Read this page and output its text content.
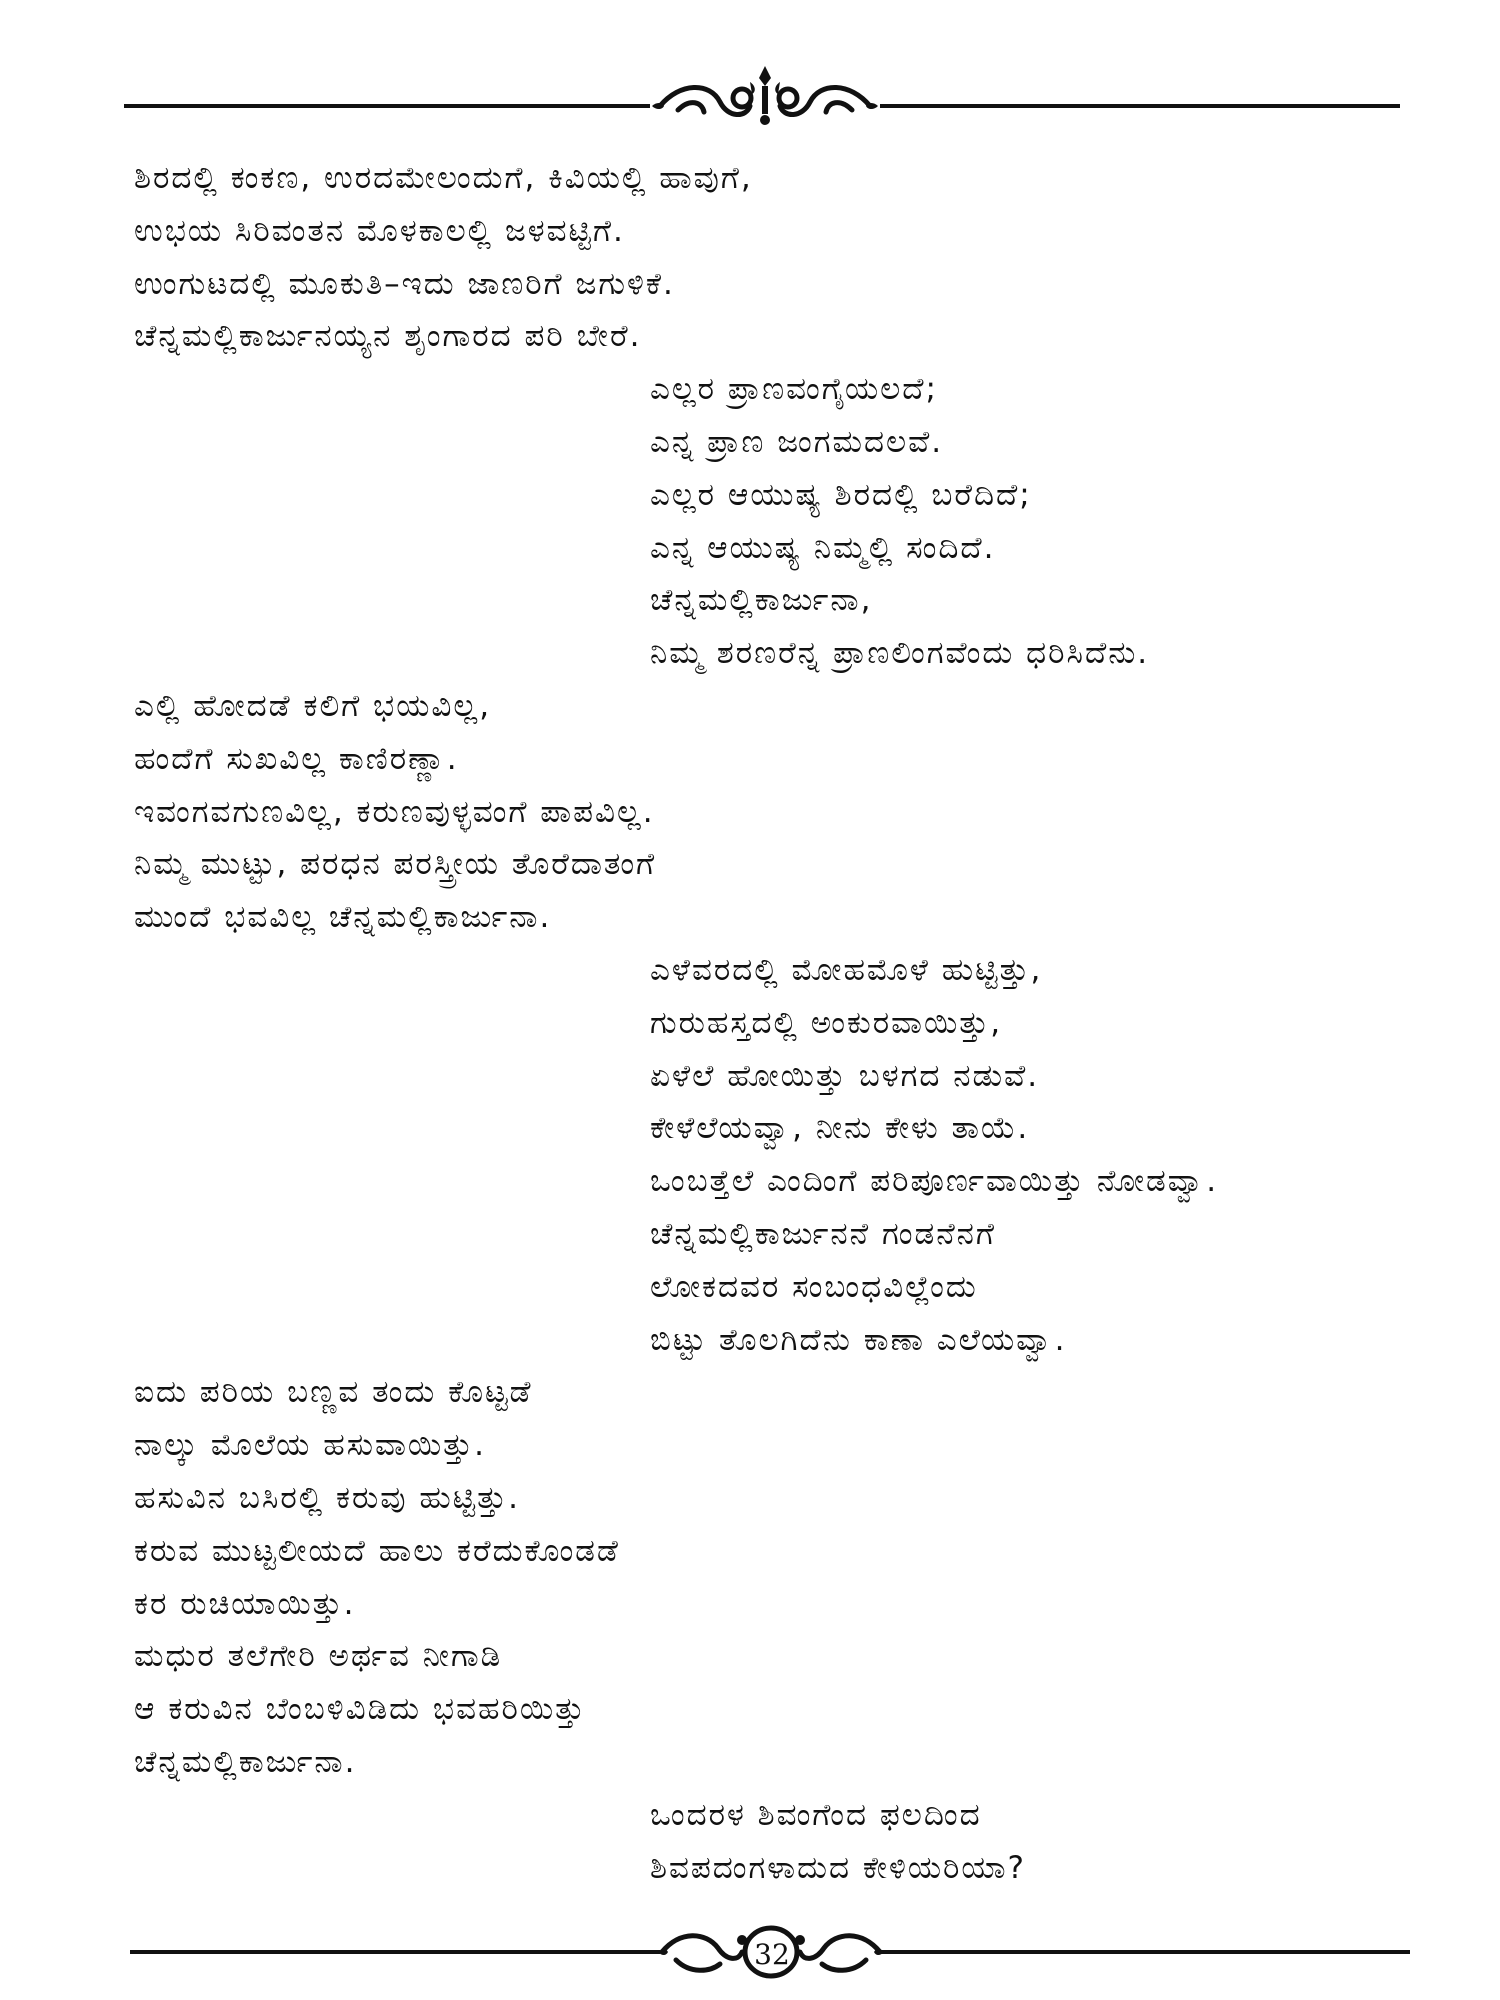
ಶಿರದಲ್ಲಿ ಕಂಕಣ, ಉರದಮೇಲಂದುಗೆ, ಕಿವಿಯಲ್ಲಿ ಹಾವುಗೆ,
ಉಭಯ ಸಿರಿವಂತನ ಮೊಳಕಾಲಲ್ಲಿ ಜಳವಟ್ಟಿಗೆ.
ಉಂಗುಟದಲ್ಲಿ ಮೂಕುತಿ–ಇದು ಜಾಣರಿಗೆ ಜಗುಳಿಕೆ.
ಚೆನ್ನಮಲ್ಲಿಕಾರ್ಜುನಯ್ಯನ ಶೃಂಗಾರದ ಪರಿ ಬೇರೆ.
ಎಲ್ಲರ ಪ್ರಾಣವಂಗೈಯಲದೆ;
ಎನ್ನ ಪ್ರಾಣ ಜಂಗಮದಲವೆ.
ಎಲ್ಲರ ಆಯುಷ್ಯ ಶಿರದಲ್ಲಿ ಬರೆದಿದೆ;
ಎನ್ನ ಆಯುಷ್ಯ ನಿಮ್ಮಲ್ಲಿ ಸಂದಿದೆ.
ಚೆನ್ನಮಲ್ಲಿಕಾರ್ಜುನಾ,
ನಿಮ್ಮ ಶರಣರೆನ್ನ ಪ್ರಾಣಲಿಂಗವೆಂದು ಧರಿಸಿದೆನು.
ಎಲ್ಲಿ ಹೋದಡೆ ಕಲಿಗೆ ಭಯವಿಲ್ಲ,
ಹಂದೆಗೆ ಸುಖವಿಲ್ಲ ಕಾಣಿರಣ್ಣಾ.
ಇವಂಗವಗುಣವಿಲ್ಲ, ಕರುಣವುಳ್ಳವಂಗೆ ಪಾಪವಿಲ್ಲ.
ನಿಮ್ಮ ಮುಟ್ಟು, ಪರಧನ ಪರಸ್ತ್ರೀಯ ತೊರೆದಾತಂಗೆ
ಮುಂದೆ ಭವವಿಲ್ಲ ಚೆನ್ನಮಲ್ಲಿಕಾರ್ಜುನಾ.
ಎಳೆವರದಲ್ಲಿ ಮೋಹಮೊಳೆ ಹುಟ್ಟಿತ್ತು,
ಗುರುಹಸ್ತದಲ್ಲಿ ಅಂಕುರವಾಯಿತ್ತು,
ಏಳೆಲೆ ಹೋಯಿತ್ತು ಬಳಗದ ನಡುವೆ.
ಕೇಳೆಲೆಯವ್ವಾ, ನೀನು ಕೇಳು ತಾಯೆ.
ಒಂಬತ್ತೆಲೆ ಎಂದಿಂಗೆ ಪರಿಪೂರ್ಣವಾಯಿತ್ತು ನೋಡವ್ವಾ.
ಚೆನ್ನಮಲ್ಲಿಕಾರ್ಜುನನೆ ಗಂಡನೆನಗೆ
ಲೋಕದವರ ಸಂಬಂಧವಿಲ್ಲೆಂದು
ಬಿಟ್ಟು ತೊಲಗಿದೆನು ಕಾಣಾ ಎಲೆಯವ್ವಾ.
ಐದು ಪರಿಯ ಬಣ್ಣವ ತಂದು ಕೊಟ್ಟಡೆ
ನಾಲ್ಕು ಮೊಲೆಯ ಹಸುವಾಯಿತ್ತು.
ಹಸುವಿನ ಬಸಿರಲ್ಲಿ ಕರುವು ಹುಟ್ಟಿತ್ತು.
ಕರುವ ಮುಟ್ಟಲೀಯದೆ ಹಾಲು ಕರೆದುಕೊಂಡಡೆ
ಕರ ರುಚಿಯಾಯಿತ್ತು.
ಮಧುರ ತಲೆಗೇರಿ ಅರ್ಥವ ನೀಗಾಡಿ
ಆ ಕರುವಿನ ಬೆಂಬಳಿವಿಡಿದು ಭವಹರಿಯಿತ್ತು
ಚೆನ್ನಮಲ್ಲಿಕಾರ್ಜುನಾ.
ಒಂದರಳ ಶಿವಂಗೆಂದ ಫಲದಿಂದ
ಶಿವಪದಂಗಳಾದುದ ಕೇಳಿಯರಿಯಾ?
32
